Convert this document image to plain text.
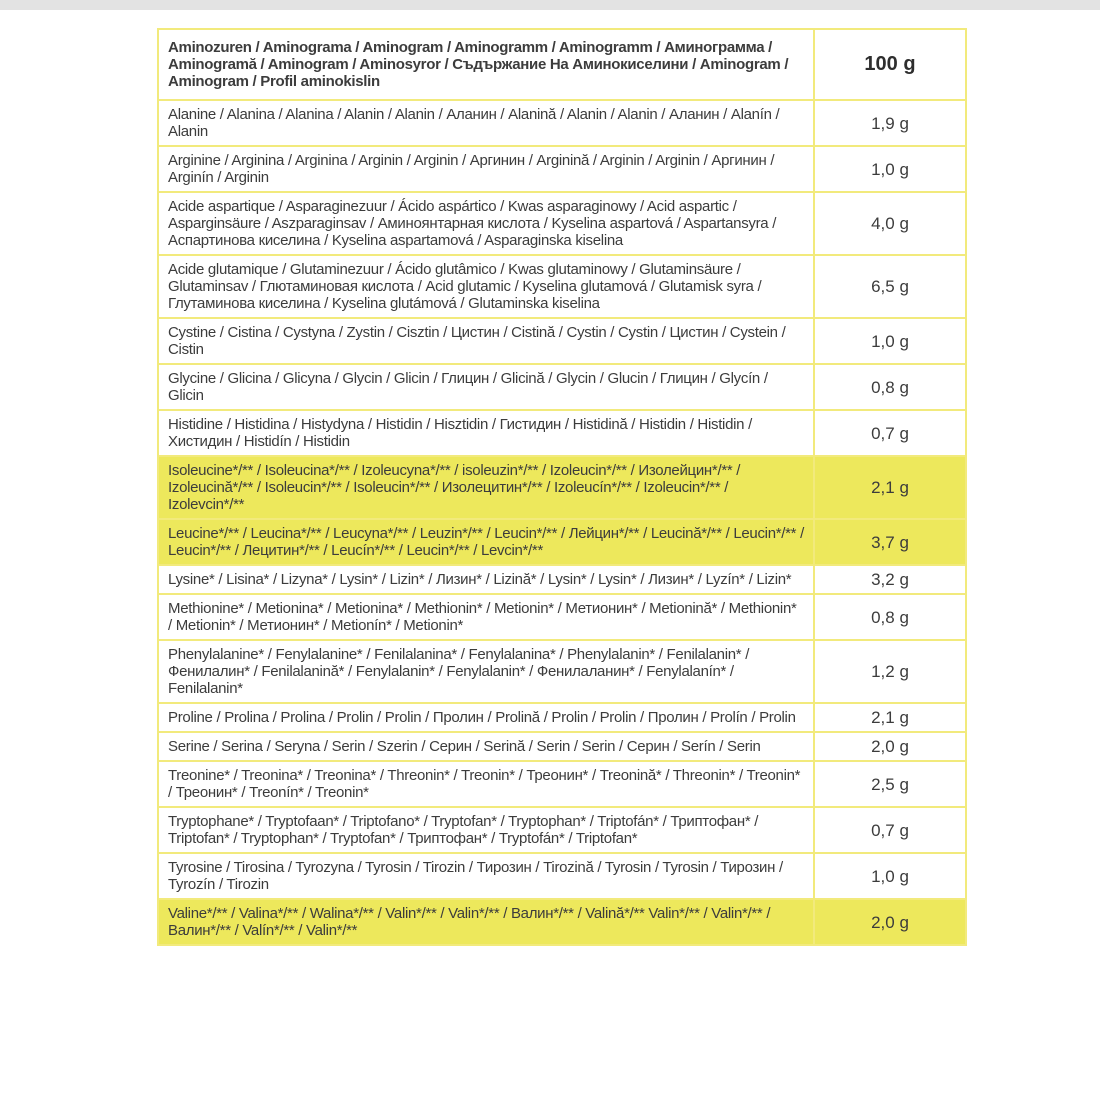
Aminozuren / Aminograma / Aminogram / Aminogramm / Aminogramm / Аминограмма / Aminogramă / Aminogram / Aminosyror / Съдържание На Аминокиселини / Aminogram / Aminogram / Profil aminokislin	100 g
Alanine / Alanina / Alanina / Alanin / Alanin / Аланин / Alanină / Alanin / Alanin / Аланин / Alanín / Alanin	1,9 g
Arginine / Arginina / Arginina / Arginin / Arginin / Аргинин / Arginină / Arginin / Arginin / Аргинин / Arginín / Arginin	1,0 g
Acide aspartique / Asparaginezuur / Ácido aspártico / Kwas asparaginowy / Acid aspartic / Asparginsäure / Aszparaginsav / Аминоянтарная кислота / Kyselina aspartová / Aspartansyra / Аспартинова киселина / Kyselina aspartamová / Asparaginska kiselina	4,0 g
Acide glutamique / Glutaminezuur / Ácido glutâmico / Kwas glutaminowy / Glutaminsäure / Glutaminsav / Глютаминовая кислота / Acid glutamic / Kyselina glutamová / Glutamisk syra / Глутаминова киселина / Kyselina glutámová / Glutaminska kiselina	6,5 g
Cystine / Cistina / Cystyna / Zystin / Cisztin / Цистин / Cistină / Cystin / Cystin / Цистин / Cystein / Cistin	1,0 g
Glycine / Glicina / Glicyna / Glycin / Glicin / Глицин / Glicină / Glycin / Glucin / Глицин / Glycín / Glicin	0,8 g
Histidine / Histidina / Histydyna / Histidin / Hisztidin / Гистидин / Histidină / Histidin / Histidin / Хистидин / Histidín / Histidin	0,7 g
Isoleucine*/** / Isoleucina*/** / Izoleucyna*/** / isoleuzin*/** / Izoleucin*/** / Изолейцин*/** / Izoleucină*/** / Isoleucin*/** / Isoleucin*/** / Изолецитин*/** / Izoleucín*/** / Izoleucin*/** / Izolevcin*/**	2,1 g
Leucine*/** / Leucina*/** / Leucyna*/** / Leuzin*/** / Leucin*/** / Лейцин*/** / Leucină*/** / Leucin*/** / Leucin*/** / Лецитин*/** / Leucín*/** / Leucin*/** / Levcin*/**	3,7 g
Lysine* / Lisina* / Lizyna* / Lysin* / Lizin* / Лизин* / Lizină* / Lysin* / Lysin* / Лизин* / Lyzín* / Lizin*	3,2 g
Methionine* / Metionina* / Metionina* / Methionin* / Metionin* / Метионин* / Metionină* / Methionin* / Metionin* / Метионин* / Metionín* / Metionin*	0,8 g
Phenylalanine* / Fenylalanine* / Fenilalanina* / Fenylalanina* / Phenylalanin* / Fenilalanin* / Фенилалин* / Fenilalanină* / Fenylalanin* / Fenylalanin* / Фенилаланин* / Fenylalanín* / Fenilalanin*	1,2 g
Proline / Prolina / Prolina / Prolin / Prolin / Пролин / Prolină / Prolin / Prolin / Пролин / Prolín / Prolin	2,1 g
Serine / Serina / Seryna / Serin / Szerin / Серин / Serină / Serin / Serin / Серин / Serín / Serin	2,0 g
Treonine* / Treonina* / Treonina* / Threonin* / Treonin* / Треонин* / Treonină* / Threonin* / Treonin* / Треонин* / Treonín* / Treonin*	2,5 g
Tryptophane* / Tryptofaan* / Triptofano* / Tryptofan* / Tryptophan* / Triptofán* / Триптофан* / Triptofan* / Tryptophan* / Tryptofan* / Триптофан* / Tryptofán* / Triptofan*	0,7 g
Tyrosine / Tirosina / Tyrozyna / Tyrosin / Tirozin / Тирозин / Tirozină / Tyrosin / Tyrosin / Тирозин / Tyrozín / Tirozin	1,0 g
Valine*/** / Valina*/** / Walina*/** / Valin*/** / Valin*/** / Валин*/** / Valină*/** Valin*/** / Valin*/** / Валин*/** / Valín*/** / Valin*/**	2,0 g
